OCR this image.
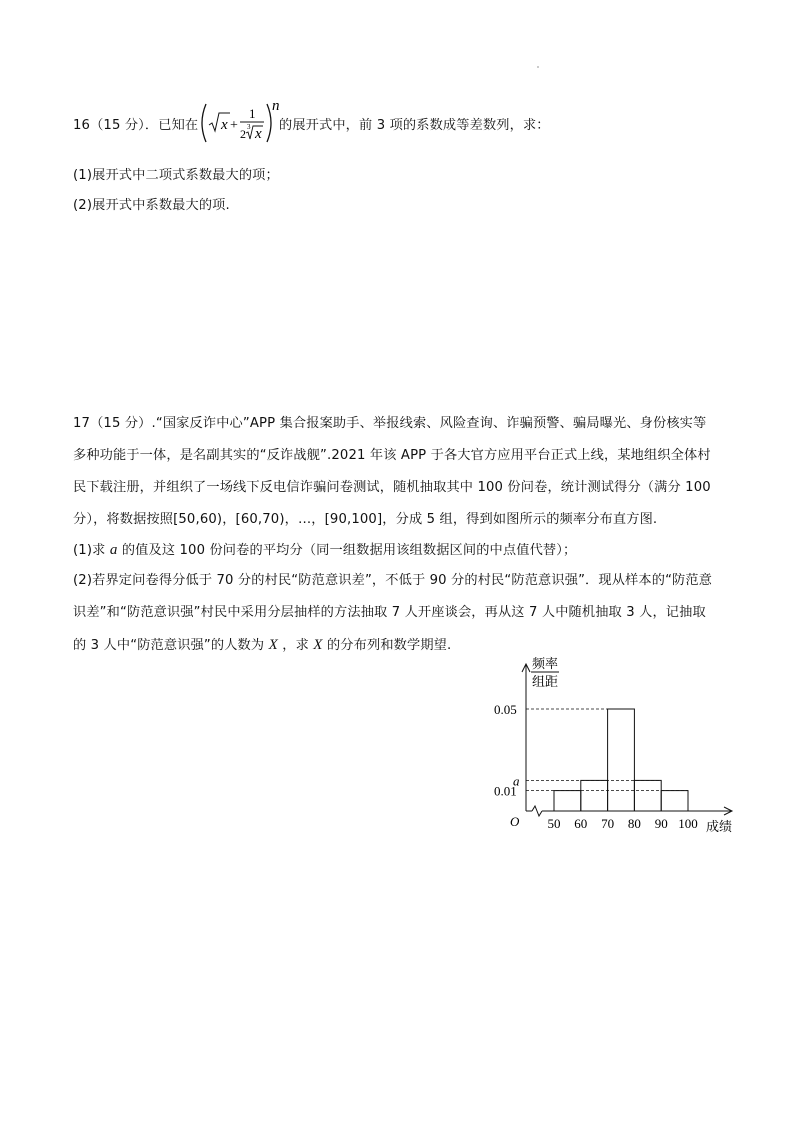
16（15 分）．已知在 x +
1
2 3 x
n
的展开式中，前 3 项的系数成等差数列，求：
(1)展开式中二项式系数最大的项；
(2)展开式中系数最大的项.
17（15 分）.“国家反诈中心”APP 集合报案助手、举报线索、风险查询、诈骗预警、骗局曝光、身份核实等
多种功能于一体，是名副其实的“反诈战舰”.2021 年该 APP 于各大官方应用平台正式上线，某地组织全体村
民下载注册，并组织了一场线下反电信诈骗问卷测试，随机抽取其中 100 份问卷，统计测试得分（满分 100
分），将数据按照[50,60)，[60,70)，…，[90,100]，分成 5 组，得到如图所示的频率分布直方图.
(1)求 a 的值及这 100 份问卷的平均分（同一组数据用该组数据区间的中点值代替）；
(2)若界定问卷得分低于 70 分的村民“防范意识差”，不低于 90 分的村民“防范意识强”．现从样本的“防范意
识差”和“防范意识强”村民中采用分层抽样的方法抽取 7 人开座谈会，再从这 7 人中随机抽取 3 人，记抽取
的 3 人中“防范意识强”的人数为 X ，求 X 的分布列和数学期望.
频率
组距
0.05
a
0.01
O 50 60 70 80 90 100 成绩
